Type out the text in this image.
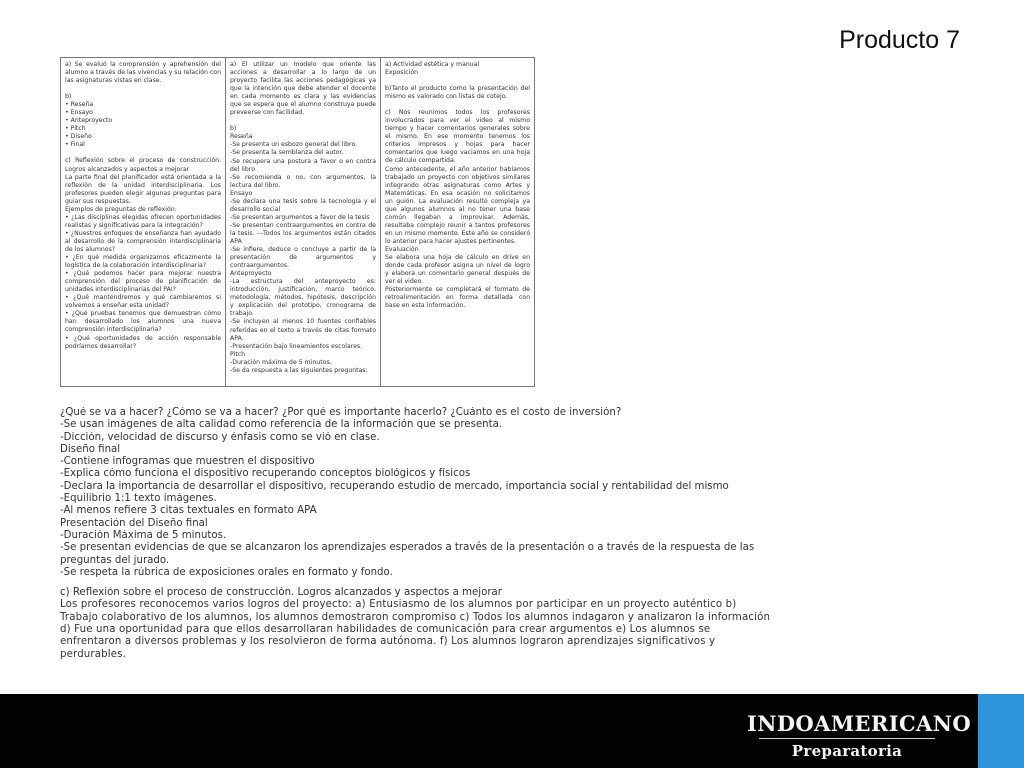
Producto 7
a) Se evaluó la comprensión y aprehensión del alumno a través de las vivencias y su relación con las asignaturas vistas en clase.
b)
• Reseña
• Ensayo
• Anteproyecto
• Pitch
• Diseño
• Final
c) Reflexión sobre el proceso de construcción. Logros alcanzados y aspectos a mejorar
La parte final del planificador está orientada a la reflexión de la unidad interdisciplinaria. Los profesores pueden elegir algunas preguntas para guiar sus respuestas.
Ejemplos de preguntas de reflexión:
• ¿Las disciplinas elegidas ofrecen oportunidades realistas y significativas para la integración?
• ¿Nuestros enfoques de enseñanza han ayudado al desarrollo de la comprensión interdisciplinaria de los alumnos?
• ¿En qué medida organizamos eficazmente la logística de la colaboración interdisciplinaria?
• ¿Qué podemos hacer para mejorar nuestra comprensión del proceso de planificación de unidades interdisciplinarias del PAI?
• ¿Qué mantendremos y qué cambiaremos si volvemos a enseñar esta unidad?
• ¿Qué pruebas tenemos que demuestran cómo han desarrollado los alumnos una nueva comprensión interdisciplinaria?
• ¿Qué oportunidades de acción responsable podríamos desarrollar?

a) El utilizar un modelo que oriente las acciones a desarrollar a lo largo de un proyecto facilita las acciones pedagógicas ya que la intención que debe atender el docente en cada momento es clara y las evidencias que se espera que el alumno construya puede preveerse con facilidad.
b)
Reseña
-Se presenta un esbozo general del libro.
-Se presenta la semblanza del autor.
-Se recupera una postura a favor o en contra del libro
-Se recomienda o no, con argumentos, la lectura del libro.
Ensayo
-Se declara una tesis sobre la tecnología y el desarrollo social
-Se presentan argumentos a favor de la tesis
-Se presentan contraargumentos en contra de la tesis. ---Todos los argumentos están citados APA
-Se infiere, deduce o concluye a partir de la presentación de argumentos y contraargumentos.
Anteproyecto
-La estructura del anteproyecto es: introducción, justificación, marco teórico, metodología, métodos, hipótesis, descripción y explicación del prototipo, cronograma de trabajo.
-Se incluyen al menos 10 fuentes confiables referidas en el texto a través de citas formato APA.
-Presentación bajo lineamientos escolares.
Pitch
-Duración máxima de 5 minutos.
-Se da respuesta a las siguientes preguntas:

a) Actividad estética y manual
Exposición
b)Tanto el producto como la presentación del mismo es valorado con listas de cotejo.
c) Nos reunimos todos los profesores involucrados para ver el video al mismo tiempo y hacer comentarios generales sobre el mismo. En ese momento tenemos los criterios impresos y hojas para hacer comentarios que luego vaciamos en una hoja de cálculo compartida.
Como antecedente, el año anterior habíamos trabajado un proyecto con objetivos similares integrando otras asignaturas como Artes y Matemáticas. En esa ocasión no solicitamos un guión. La evaluación resultó compleja ya que algunos alumnos al no tener una base común llegaban a improvisar. Además, resultaba complejo reunir a tantos profesores en un mismo momento. Este año se consideró lo anterior para hacer ajustes pertinentes.
Evaluación
Se elabora una hoja de cálculo en drive en donde cada profesor asigna un nivel de logro y elabora un comentario general después de ver el video.
Posteriormente se completará el formato de retroalimentación en forma detallada con base en esta información.
¿Qué se va a hacer? ¿Cómo se va a hacer? ¿Por qué es importante hacerlo? ¿Cuánto es el costo de inversión?
-Se usan imágenes de alta calidad como referencia de la información que se presenta.
-Dicción, velocidad de discurso y énfasis como se vió en clase.
Diseño final
-Contiene infogramas que muestren el dispositivo
-Explica cómo funciona el dispositivo recuperando conceptos biológicos y físicos
-Declara la importancia de desarrollar el dispositivo, recuperando estudio de mercado, importancia social y rentabilidad del mismo
-Equilibrio 1:1 texto imágenes.
-Al menos refiere 3 citas textuales en formato APA
Presentación del Diseño final
-Duración Máxima de 5 minutos.
-Se presentan evidencias de que se alcanzaron los aprendizajes esperados a través de la presentación o a través de la respuesta de las preguntas del jurado.
-Se respeta la rúbrica de exposiciones orales en formato y fondo.
c) Reflexión sobre el proceso de construcción. Logros alcanzados y aspectos a mejorar
Los profesores reconocemos varios logros del proyecto: a) Entusiasmo de los alumnos por participar en un proyecto auténtico b) Trabajo colaborativo de los alumnos, los alumnos demostraron compromiso c) Todos los alumnos indagaron y analizaron la información d) Fue una oportunidad para que ellos desarrollaran habilidades de comunicación para crear argumentos e) Los alumnos se enfrentaron a diversos problemas y los resolvieron de forma autónoma. f) Los alumnos lograron aprendizajes significativos y perdurables.
INDOAMERICANO
Preparatoria
